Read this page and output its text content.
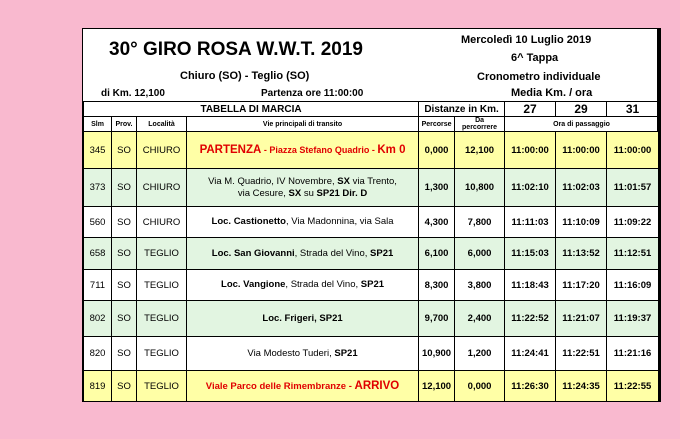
30° GIRO ROSA W.W.T. 2019	Mercoledì 10 Luglio 2019
6^ Tappa
Chiuro (SO) - Teglio (SO)	Cronometro individuale
di Km. 12,100	Partenza ore 11:00:00	Media Km. / ora
TABELLA DI MARCIA				Distanze in Km.		27	29	31
Slm	Prov.	Località	Vie principali di transito	Percorse	Da percorrere	Ora di passaggio		
345	SO	CHIURO	PARTENZA - Piazza Stefano Quadrio - Km 0	0,000	12,100	11:00:00	11:00:00	11:00:00
373	SO	CHIURO	Via M. Quadrio, IV Novembre, SX via Trento,
via Cesure, SX su SP21 Dir. D	1,300	10,800	11:02:10	11:02:03	11:01:57
560	SO	CHIURO	Loc. Castionetto, Via Madonnina, via Sala	4,300	7,800	11:11:03	11:10:09	11:09:22
658	SO	TEGLIO	Loc. San Giovanni, Strada del Vino, SP21	6,100	6,000	11:15:03	11:13:52	11:12:51
711	SO	TEGLIO	Loc. Vangione, Strada del Vino, SP21	8,300	3,800	11:18:43	11:17:20	11:16:09
802	SO	TEGLIO	Loc. Frigeri, SP21	9,700	2,400	11:22:52	11:21:07	11:19:37
820	SO	TEGLIO	Via Modesto Tuderi, SP21	10,900	1,200	11:24:41	11:22:51	11:21:16
819	SO	TEGLIO	Viale Parco delle Rimembranze - ARRIVO	12,100	0,000	11:26:30	11:24:35	11:22:55
